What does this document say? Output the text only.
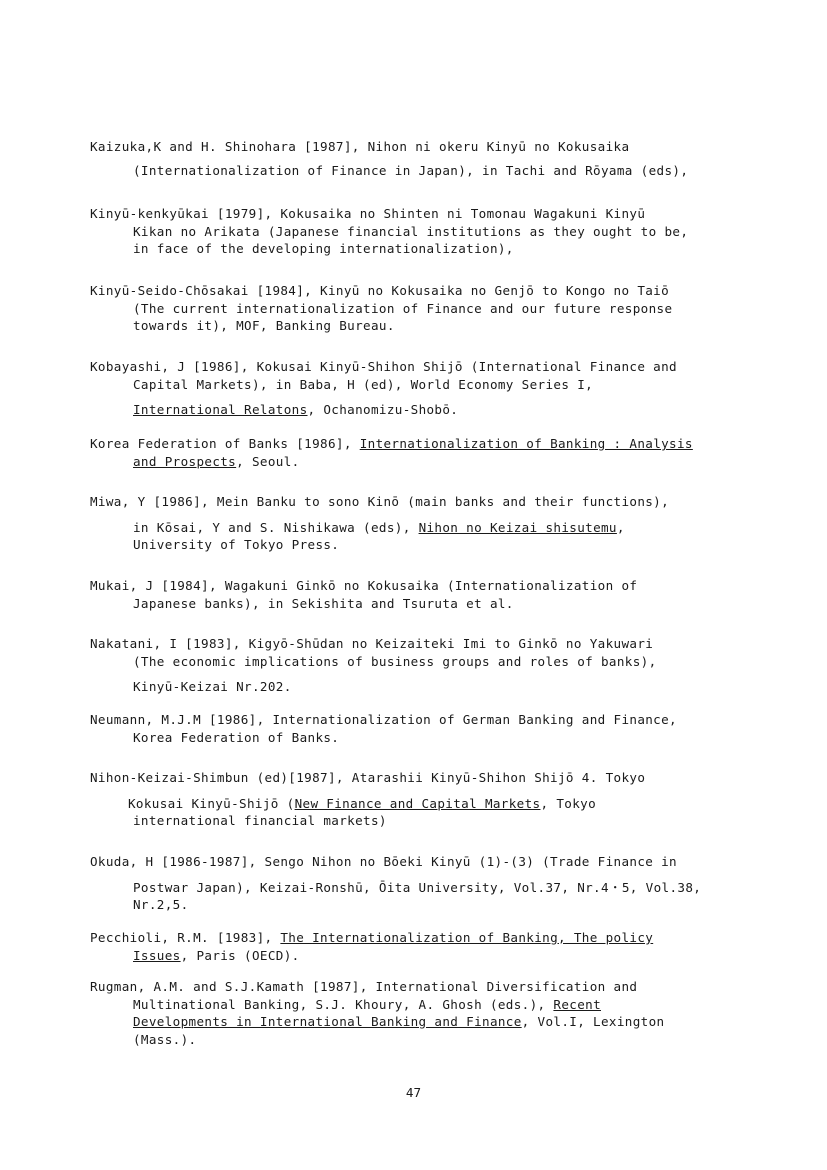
Kaizuka,K and H. Shinohara [1987], Nihon ni okeru Kinyū no Kokusaika
(Internationalization of Finance in Japan), in Tachi and Rōyama (eds),
Kinyū-kenkyūkai [1979], Kokusaika no Shinten ni Tomonau Wagakuni Kinyū
Kikan no Arikata (Japanese financial institutions as they ought to be,
in face of the developing internationalization),
Kinyū-Seido-Chōsakai [1984], Kinyū no Kokusaika no Genjō to Kongo no Taiō
(The current internationalization of Finance and our future response
towards it), MOF, Banking Bureau.
Kobayashi, J [1986], Kokusai Kinyū-Shihon Shijō (International Finance and
Capital Markets), in Baba, H (ed), World Economy Series I,
International Relatons, Ochanomizu-Shobō.
Korea Federation of Banks [1986], Internationalization of Banking : Analysis
and Prospects, Seoul.
Miwa, Y [1986], Mein Banku to sono Kinō (main banks and their functions),
in Kōsai, Y and S. Nishikawa (eds), Nihon no Keizai shisutemu,
University of Tokyo Press.
Mukai, J [1984], Wagakuni Ginkō no Kokusaika (Internationalization of
Japanese banks), in Sekishita and Tsuruta et al.
Nakatani, I [1983], Kigyō-Shūdan no Keizaiteki Imi to Ginkō no Yakuwari
(The economic implications of business groups and roles of banks),
Kinyū-Keizai Nr.202.
Neumann, M.J.M [1986], Internationalization of German Banking and Finance,
Korea Federation of Banks.
Nihon-Keizai-Shimbun (ed)[1987], Atarashii Kinyū-Shihon Shijō 4. Tokyo
Kokusai Kinyū-Shijō (New Finance and Capital Markets, Tokyo
international financial markets)
Okuda, H [1986-1987], Sengo Nihon no Bōeki Kinyū (1)-(3) (Trade Finance in
Postwar Japan), Keizai-Ronshū, Ōita University, Vol.37, Nr.4・5, Vol.38,
Nr.2,5.
Pecchioli, R.M. [1983], The Internationalization of Banking, The policy
Issues, Paris (OECD).
Rugman, A.M. and S.J.Kamath [1987], International Diversification and
Multinational Banking, S.J. Khoury, A. Ghosh (eds.), Recent
Developments in International Banking and Finance, Vol.I, Lexington
(Mass.).
47
